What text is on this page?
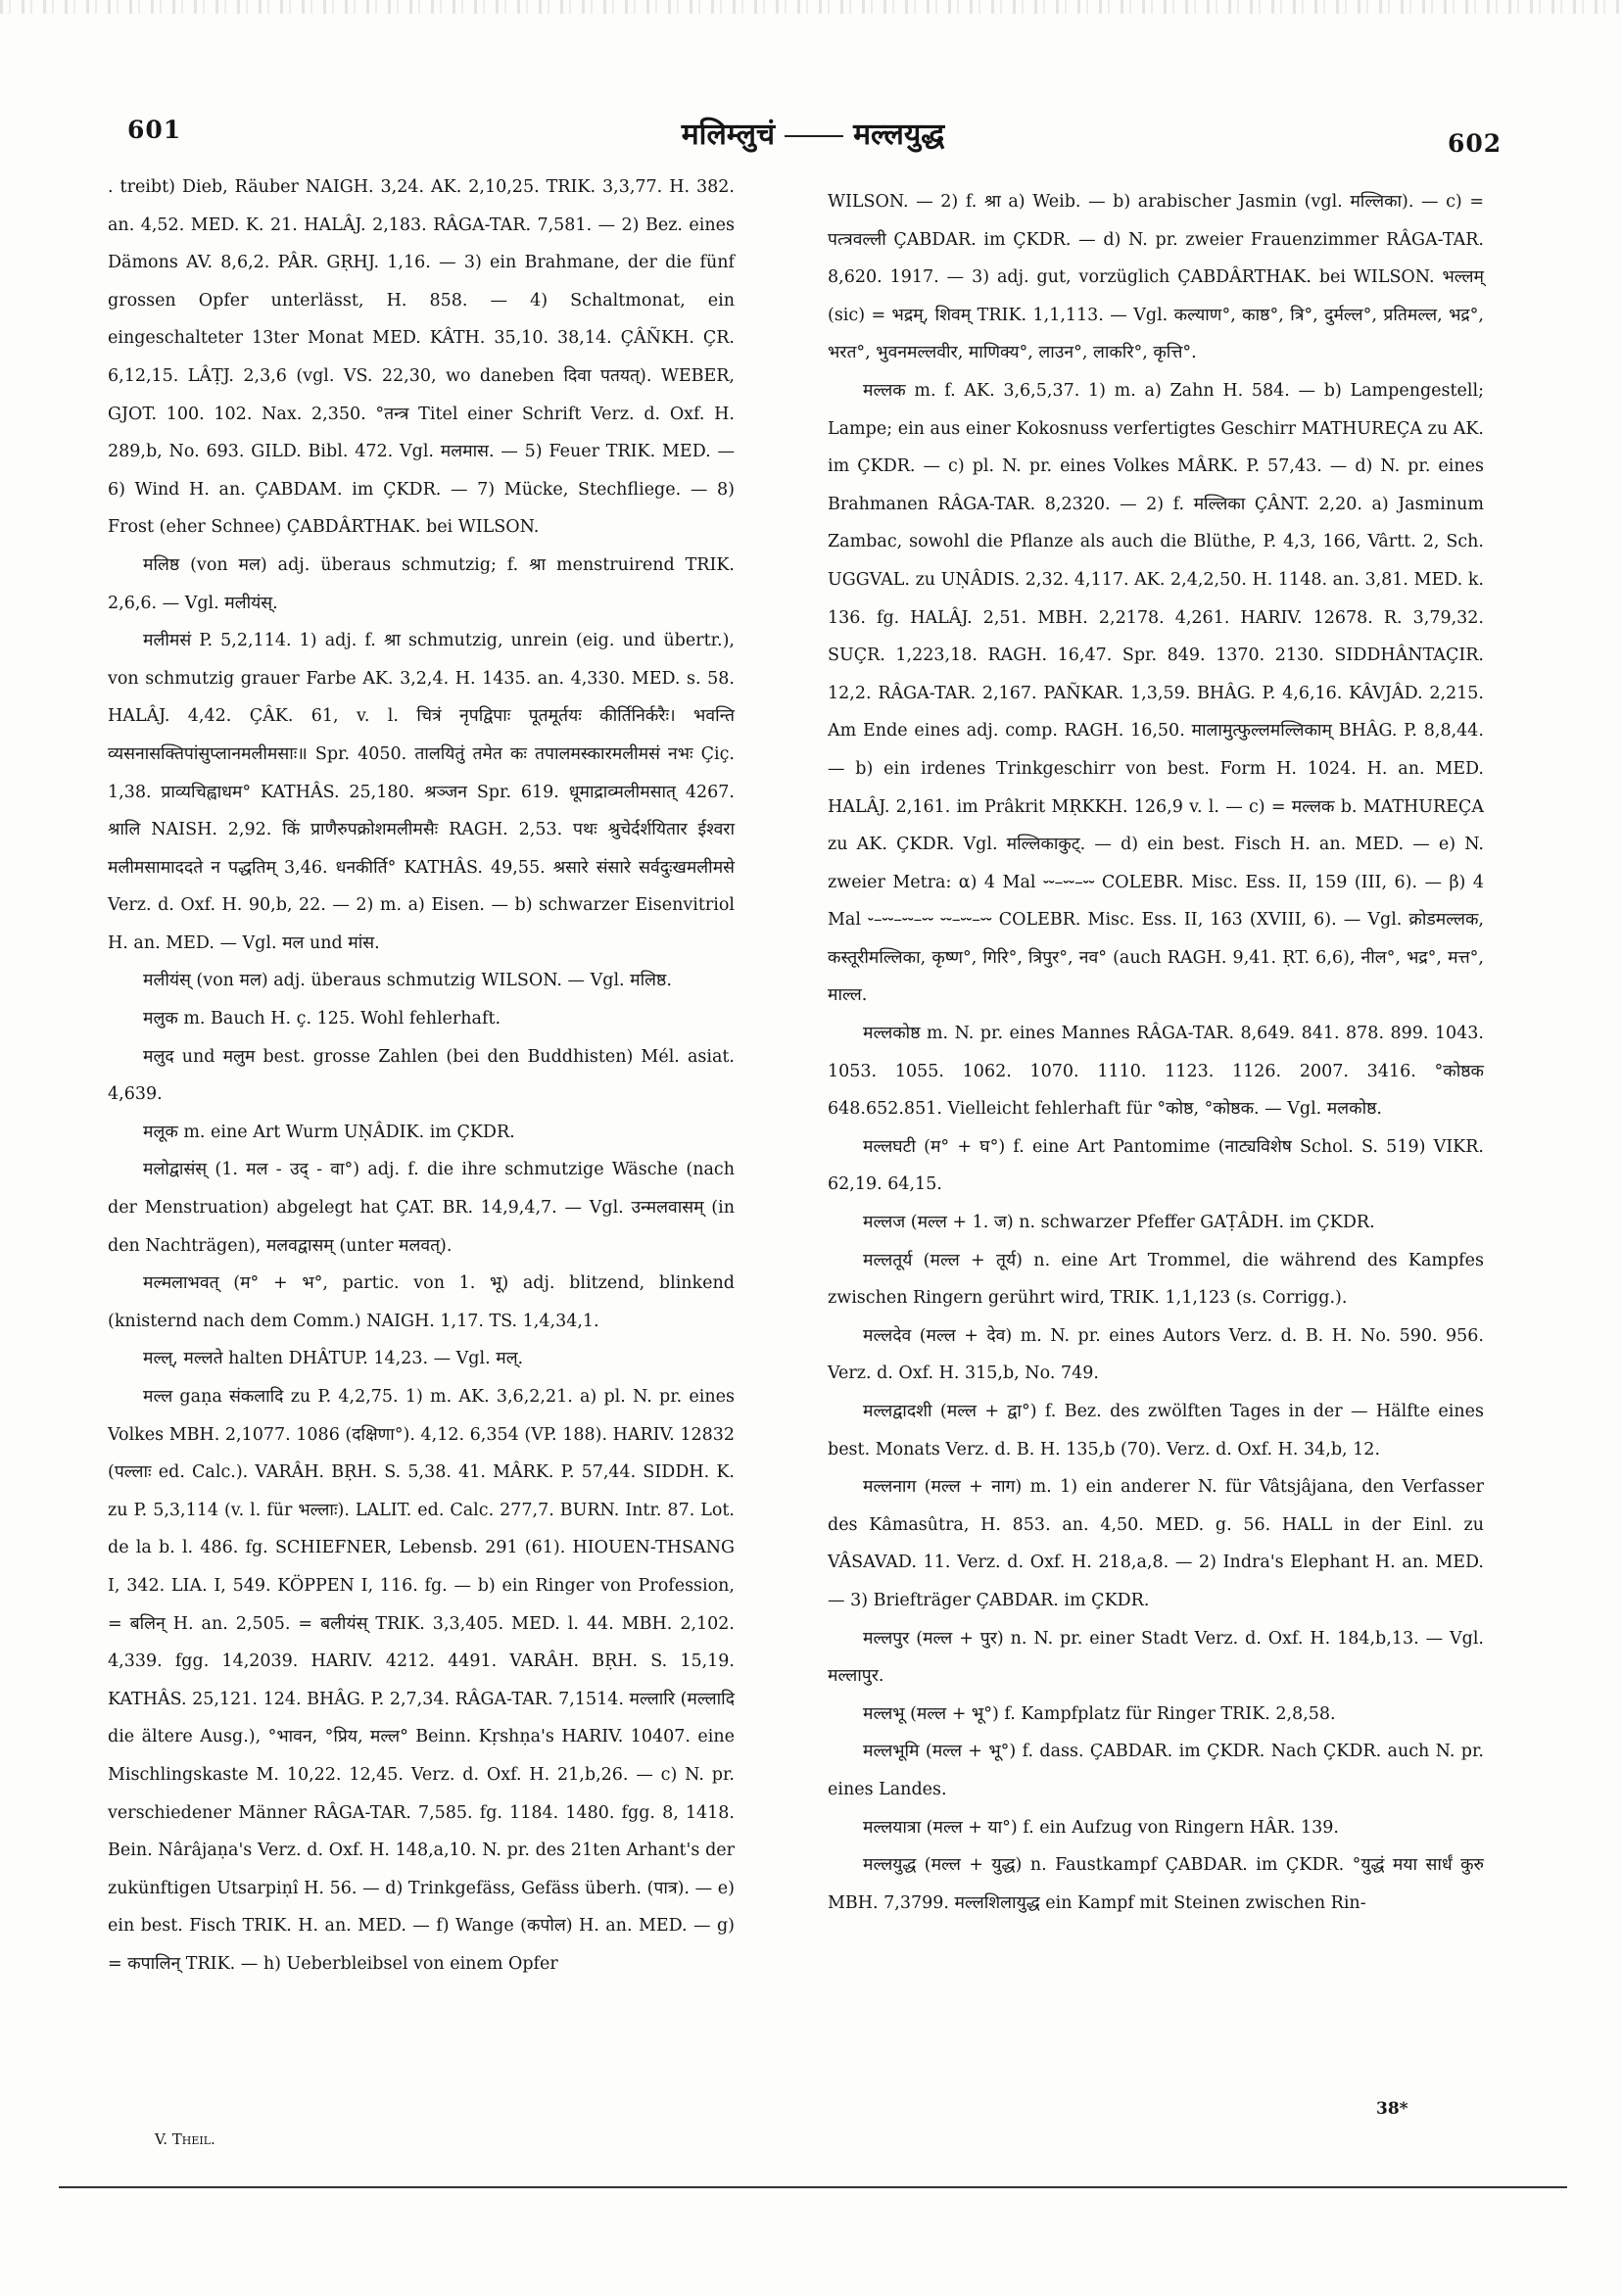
601	मलिम्लुचं	मल्लयुद्ध	602

. treibt) Dieb, Räuber NAIGH. 3,24. AK. 2,10,25. TRIK. 3,3,77. H. 382. an. 4,52. MED. K. 21. HALÂJ. 2,183. RÂGA-TAR. 7,581. — 2) Bez. eines Dämons AV. 8,6,2. PÂR. GṚHJ. 1,16. — 3) ein Brahmane, der die fünf grossen Opfer unterlässt, H. 858. — 4) Schaltmonat, ein eingeschalteter 13ter Monat MED. KÂTH. 35,10. 38,14. ÇÂÑKH. ÇR. 6,12,15. LÂṬJ. 2,3,6 (vgl. VS. 22,30, wo daneben दिवा पतयत्). WEBER, GJOT. 100. 102. Nax. 2,350. °तन्त्र Titel einer Schrift Verz. d. Oxf. H. 289,b, No. 693. GILD. Bibl. 472. Vgl. मलमास. — 5) Feuer TRIK. MED. — 6) Wind H. an. ÇABDAM. im ÇKDR. — 7) Mücke, Stechfliege. — 8) Frost (eher Schnee) ÇABDÂRTHAK. bei WILSON.

मलिष्ठ (von मल) adj. überaus schmutzig; f. श्रा menstruirend TRIK. 2,6,6. — Vgl. मलीयंस्.

मलीमसं P. 5,2,114. 1) adj. f. श्रा schmutzig, unrein (eig. und übertr.), von schmutzig grauer Farbe AK. 3,2,4. H. 1435. an. 4,330. MED. s. 58. HALÂJ. 4,42. ÇÂK. 61, v. l. चित्रं नृपद्विपाः पूतमूर्तयः कीर्तिनिर्करैः। भवन्ति व्यसनासक्तिपांसुप्लानमलीमसाः॥ Spr. 4050. तालयितुं तमेत कः तपालमस्कारमलीमसं नभः Çiç. 1,38. प्राव्यचिह्वाधम° KATHÂS. 25,180. श्रञ्जन Spr. 619. धूमाद्राव्मलीमसात् 4267. श्रालि NAISH. 2,92. किं प्राणैरुपक्रोशमलीमसैः RAGH. 2,53. पथः श्रुचेर्दर्शयितार ईश्वरा मलीमसामाददते न पद्धतिम् 3,46. धनकीर्ति° KATHÂS. 49,55. श्रसारे संसारे सर्वदुःखमलीमसे Verz. d. Oxf. H. 90,b, 22. — 2) m. a) Eisen. — b) schwarzer Eisenvitriol H. an. MED. — Vgl. मल und मांस.

मलीयंस् (von मल) adj. überaus schmutzig WILSON. — Vgl. मलिष्ठ.

मलुक m. Bauch H. ç. 125. Wohl fehlerhaft.

मलुद und मलुम best. grosse Zahlen (bei den Buddhisten) Mél. asiat. 4,639.

मलूक m. eine Art Wurm UṆÂDIK. im ÇKDR.

मलोद्वासंस् (1. मल - उद् - वा°) adj. f. die ihre schmutzige Wäsche (nach der Menstruation) abgelegt hat ÇAT. BR. 14,9,4,7. — Vgl. उन्मलवासम् (in den Nachträgen), मलवद्वासम् (unter मलवत्).

मल्मलाभवत् (म° + भ°, partic. von 1. भू) adj. blitzend, blinkend (knisternd nach dem Comm.) NAIGH. 1,17. TS. 1,4,34,1.

मल्ल्, मल्लते halten DHÂTUP. 14,23. — Vgl. मल्.

मल्ल gaṇa संकलादि zu P. 4,2,75. 1) m. AK. 3,6,2,21. a) pl. N. pr. eines Volkes MBH. 2,1077. 1086 (दक्षिणा°). 4,12. 6,354 (VP. 188). HARIV. 12832 (पल्लाः ed. Calc.). VARÂH. BṚH. S. 5,38. 41. MÂRK. P. 57,44. SIDDH. K. zu P. 5,3,114 (v. l. für भल्लाः). LALIT. ed. Calc. 277,7. BURN. Intr. 87. Lot. de la b. l. 486. fg. SCHIEFNER, Lebensb. 291 (61). HIOUEN-THSANG I, 342. LIA. I, 549. KÖPPEN I, 116. fg. — b) ein Ringer von Profession, = बलिन् H. an. 2,505. = बलीयंस् TRIK. 3,3,405. MED. l. 44. MBH. 2,102. 4,339. fgg. 14,2039. HARIV. 4212. 4491. VARÂH. BṚH. S. 15,19. KATHÂS. 25,121. 124. BHÂG. P. 2,7,34. RÂGA-TAR. 7,1514. मल्लारि (मल्लादि die ältere Ausg.), °भावन, °प्रिय, मल्ल° Beinn. Kṛshṇa's HARIV. 10407. eine Mischlingskaste M. 10,22. 12,45. Verz. d. Oxf. H. 21,b,26. — c) N. pr. verschiedener Männer RÂGA-TAR. 7,585. fg. 1184. 1480. fgg. 8, 1418. Bein. Nârâjaṇa's Verz. d. Oxf. H. 148,a,10. N. pr. des 21ten Arhant's der zukünftigen Utsarpiṇî H. 56. — d) Trinkgefäss, Gefäss überh. (पात्र). — e) ein best. Fisch TRIK. H. an. MED. — f) Wange (कपोल) H. an. MED. — g) = कपालिन् TRIK. — h) Ueberbleibsel von einem Opfer

WILSON. — 2) f. श्रा a) Weib. — b) arabischer Jasmin (vgl. मल्लिका). — c) = पत्त्रवल्ली ÇABDAR. im ÇKDR. — d) N. pr. zweier Frauenzimmer RÂGA-TAR. 8,620. 1917. — 3) adj. gut, vorzüglich ÇABDÂRTHAK. bei WILSON. भल्लम् (sic) = भद्रम्, शिवम् TRIK. 1,1,113. — Vgl. कल्याण°, काष्ठ°, त्रि°, दुर्मल्ल°, प्रतिमल्ल, भद्र°, भरत°, भुवनमल्लवीर, माणिक्य°, लाउन°, लाकरि°, कृत्ति°.

मल्लक m. f. AK. 3,6,5,37. 1) m. a) Zahn H. 584. — b) Lampengestell; Lampe; ein aus einer Kokosnuss verfertigtes Geschirr MATHUREÇA zu AK. im ÇKDR. — c) pl. N. pr. eines Volkes MÂRK. P. 57,43. — d) N. pr. eines Brahmanen RÂGA-TAR. 8,2320. — 2) f. मल्लिका ÇÂNT. 2,20. a) Jasminum Zambac, sowohl die Pflanze als auch die Blüthe, P. 4,3, 166, Vârtt. 2, Sch. UGGVAL. zu UṆÂDIS. 2,32. 4,117. AK. 2,4,2,50. H. 1148. an. 3,81. MED. k. 136. fg. HALÂJ. 2,51. MBH. 2,2178. 4,261. HARIV. 12678. R. 3,79,32. SUÇR. 1,223,18. RAGH. 16,47. Spr. 849. 1370. 2130. SIDDHÂNTAÇIR. 12,2. RÂGA-TAR. 2,167. PAÑKAR. 1,3,59. BHÂG. P. 4,6,16. KÂVJÂD. 2,215. Am Ende eines adj. comp. RAGH. 16,50. मालामुत्फुल्लमल्लिकाम् BHÂG. P. 8,8,44. — b) ein irdenes Trinkgeschirr von best. Form H. 1024. H. an. MED. HALÂJ. 2,161. im Prâkrit MṚKKH. 126,9 v. l. — c) = मल्लक b. MATHUREÇA zu AK. ÇKDR. Vgl. मल्लिकाकुट्. — d) ein best. Fisch H. an. MED. — e) N. zweier Metra: α) 4 Mal ⏑⏑–⏑⏑–⏑⏑ COLEBR. Misc. Ess. II, 159 (III, 6). — β) 4 Mal ⏑–⏑⏑–⏑⏑–⏑⏑ ⏑⏑–⏑⏑–⏑⏑ COLEBR. Misc. Ess. II, 163 (XVIII, 6). — Vgl. क्रोडमल्लक, कस्तूरीमल्लिका, कृष्ण°, गिरि°, त्रिपुर°, नव° (auch RAGH. 9,41. ṚT. 6,6), नील°, भद्र°, मत्त°, माल्ल.

मल्लकोष्ठ m. N. pr. eines Mannes RÂGA-TAR. 8,649. 841. 878. 899. 1043. 1053. 1055. 1062. 1070. 1110. 1123. 1126. 2007. 3416. °कोष्ठक 648.652.851. Vielleicht fehlerhaft für °कोष्ठ, °कोष्ठक. — Vgl. मलकोष्ठ.

मल्लघटी (म° + घ°) f. eine Art Pantomime (नाट्यविशेष Schol. S. 519) VIKR. 62,19. 64,15.

मल्लज (मल्ल + 1. ज) n. schwarzer Pfeffer GAṬÂDH. im ÇKDR.

मल्लतूर्य (मल्ल + तूर्य) n. eine Art Trommel, die während des Kampfes zwischen Ringern gerührt wird, TRIK. 1,1,123 (s. Corrigg.).

मल्लदेव (मल्ल + देव) m. N. pr. eines Autors Verz. d. B. H. No. 590. 956. Verz. d. Oxf. H. 315,b, No. 749.

मल्लद्वादशी (मल्ल + द्वा°) f. Bez. des zwölften Tages in der — Hälfte eines best. Monats Verz. d. B. H. 135,b (70). Verz. d. Oxf. H. 34,b, 12.

मल्लनाग (मल्ल + नाग) m. 1) ein anderer N. für Vâtsjâjana, den Verfasser des Kâmasûtra, H. 853. an. 4,50. MED. g. 56. HALL in der Einl. zu VÂSAVAD. 11. Verz. d. Oxf. H. 218,a,8. — 2) Indra's Elephant H. an. MED. — 3) Briefträger ÇABDAR. im ÇKDR.

मल्लपुर (मल्ल + पुर) n. N. pr. einer Stadt Verz. d. Oxf. H. 184,b,13. — Vgl. मल्लापुर.

मल्लभू (मल्ल + भू°) f. Kampfplatz für Ringer TRIK. 2,8,58.

मल्लभूमि (मल्ल + भू°) f. dass. ÇABDAR. im ÇKDR. Nach ÇKDR. auch N. pr. eines Landes.

मल्लयात्रा (मल्ल + या°) f. ein Aufzug von Ringern HÂR. 139.

मल्लयुद्ध (मल्ल + युद्ध) n. Faustkampf ÇABDAR. im ÇKDR. °युद्धं मया सार्धं कुरु MBH. 7,3799. मल्लशिलायुद्ध ein Kampf mit Steinen zwischen Rin-

V. Theil.
38*
